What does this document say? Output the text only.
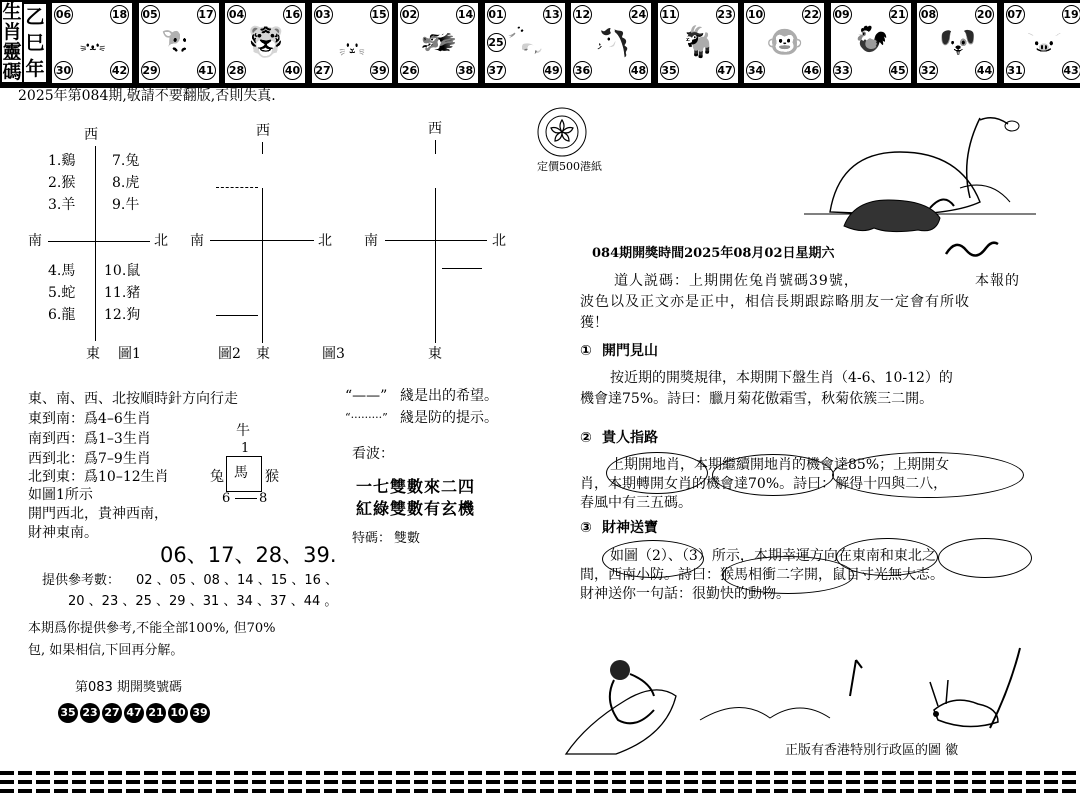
生
肖
靈
碼
乙
巳
年
06	18
30	42
🐭
05	17
29	41
🐮
04	16
28	40
🐯
03	15
27	39
🐰
02	14
26	38
🐲
01	13
37	49
25 🐍
12	24
36	48
🐴
11	23
35	47
🐐
10	22
34	46
🐵
09	21
33	45
🐓
08	20
32	44
🐶
07	19
31	43
🐷
2025年第084期,敬請不要翻版,否則失真.
西
南	北
東 圖1
1.鷄
2.猴
3.羊
4.馬
5.蛇
6.龍
7.兔
8.虎
9.牛
10.鼠
11.豬
12.狗
西
南	北
東
圖2
西
南	北
東
圖3
東、南、西、北按順時針方向行走
東到南：爲4–6生肖
南到西：爲1–3生肖
西到北：爲7–9生肖
北到東：爲10–12生肖
如圖1所示
開門西北，貴神西南，
財神東南。
牛
1
馬
兔	猴
6 8
“——” 綫是出的希望。
“·········” 綫是防的提示。
看波：
一七雙數來二四
紅綠雙數有玄機
特碼： 雙數
06、17、28、39.
提供參考數： 02 、05 、08 、14 、15 、16 、
20 、23 、25 、29 、31 、34 、37 、44 。
本期爲你提供參考,不能全部100%, 但70%
包, 如果相信,下回再分解。
第083 期開獎號碼
35 23 27 47 21 10 39
定價500港紙
084期開獎時間2025年08月02日星期六
道人説碼：上期開佐兔肖號碼39號，	本報的
波色以及正文亦是正中，相信長期跟踪略朋友一定會有所收
獲！
① 開門見山
按近期的開獎規律，本期開下盤生肖（4-6、10-12）的
機會達75%。詩曰：臘月菊花傲霜雪，秋菊依簇三二開。
② 貴人指路
上期開地肖，本期繼續開地肖的機會達85%；上期開女
肖，本期轉開女肖的機會達70%。詩曰：解得十四與二八，
春風中有三五碼。
③ 財神送寶
如圖（2）、（3）所示，本期幸運方向在東南和東北之
間，西南小防。詩曰：猴馬相衝二字開，鼠目寸光無大志。
財神送你一句話：很勤快的動物。
正版有香港特別行政區的圖 徽
